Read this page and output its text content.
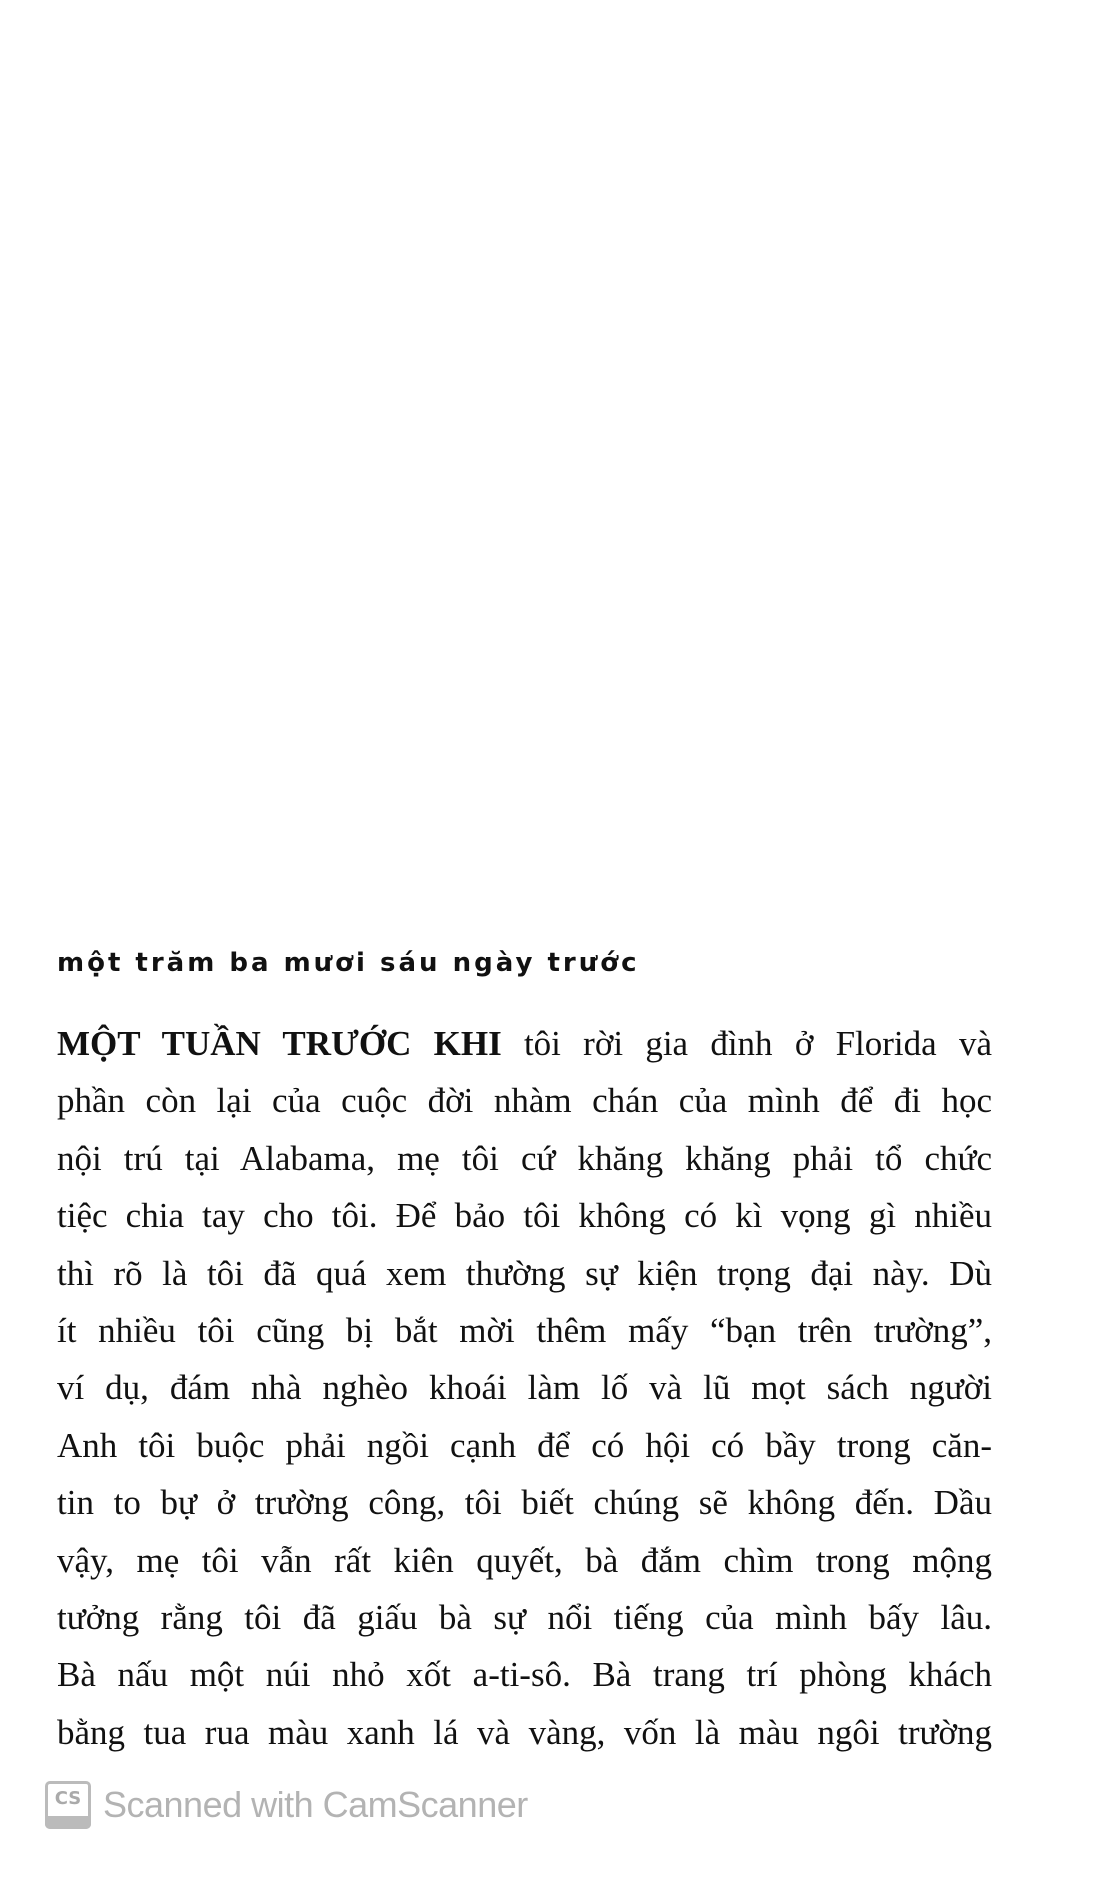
một trăm ba mươi sáu ngày trước
MỘT TUẦN TRƯỚC KHI tôi rời gia đình ở Florida và
phần còn lại của cuộc đời nhàm chán của mình để đi học
nội trú tại Alabama, mẹ tôi cứ khăng khăng phải tổ chức
tiệc chia tay cho tôi. Để bảo tôi không có kì vọng gì nhiều
thì rõ là tôi đã quá xem thường sự kiện trọng đại này. Dù
ít nhiều tôi cũng bị bắt mời thêm mấy “bạn trên trường”,
ví dụ, đám nhà nghèo khoái làm lố và lũ mọt sách người
Anh tôi buộc phải ngồi cạnh để có hội có bầy trong căn-
tin to bự ở trường công, tôi biết chúng sẽ không đến. Dầu
vậy, mẹ tôi vẫn rất kiên quyết, bà đắm chìm trong mộng
tưởng rằng tôi đã giấu bà sự nổi tiếng của mình bấy lâu.
Bà nấu một núi nhỏ xốt a-ti-sô. Bà trang trí phòng khách
bằng tua rua màu xanh lá và vàng, vốn là màu ngôi trường
CS Scanned with CamScanner
